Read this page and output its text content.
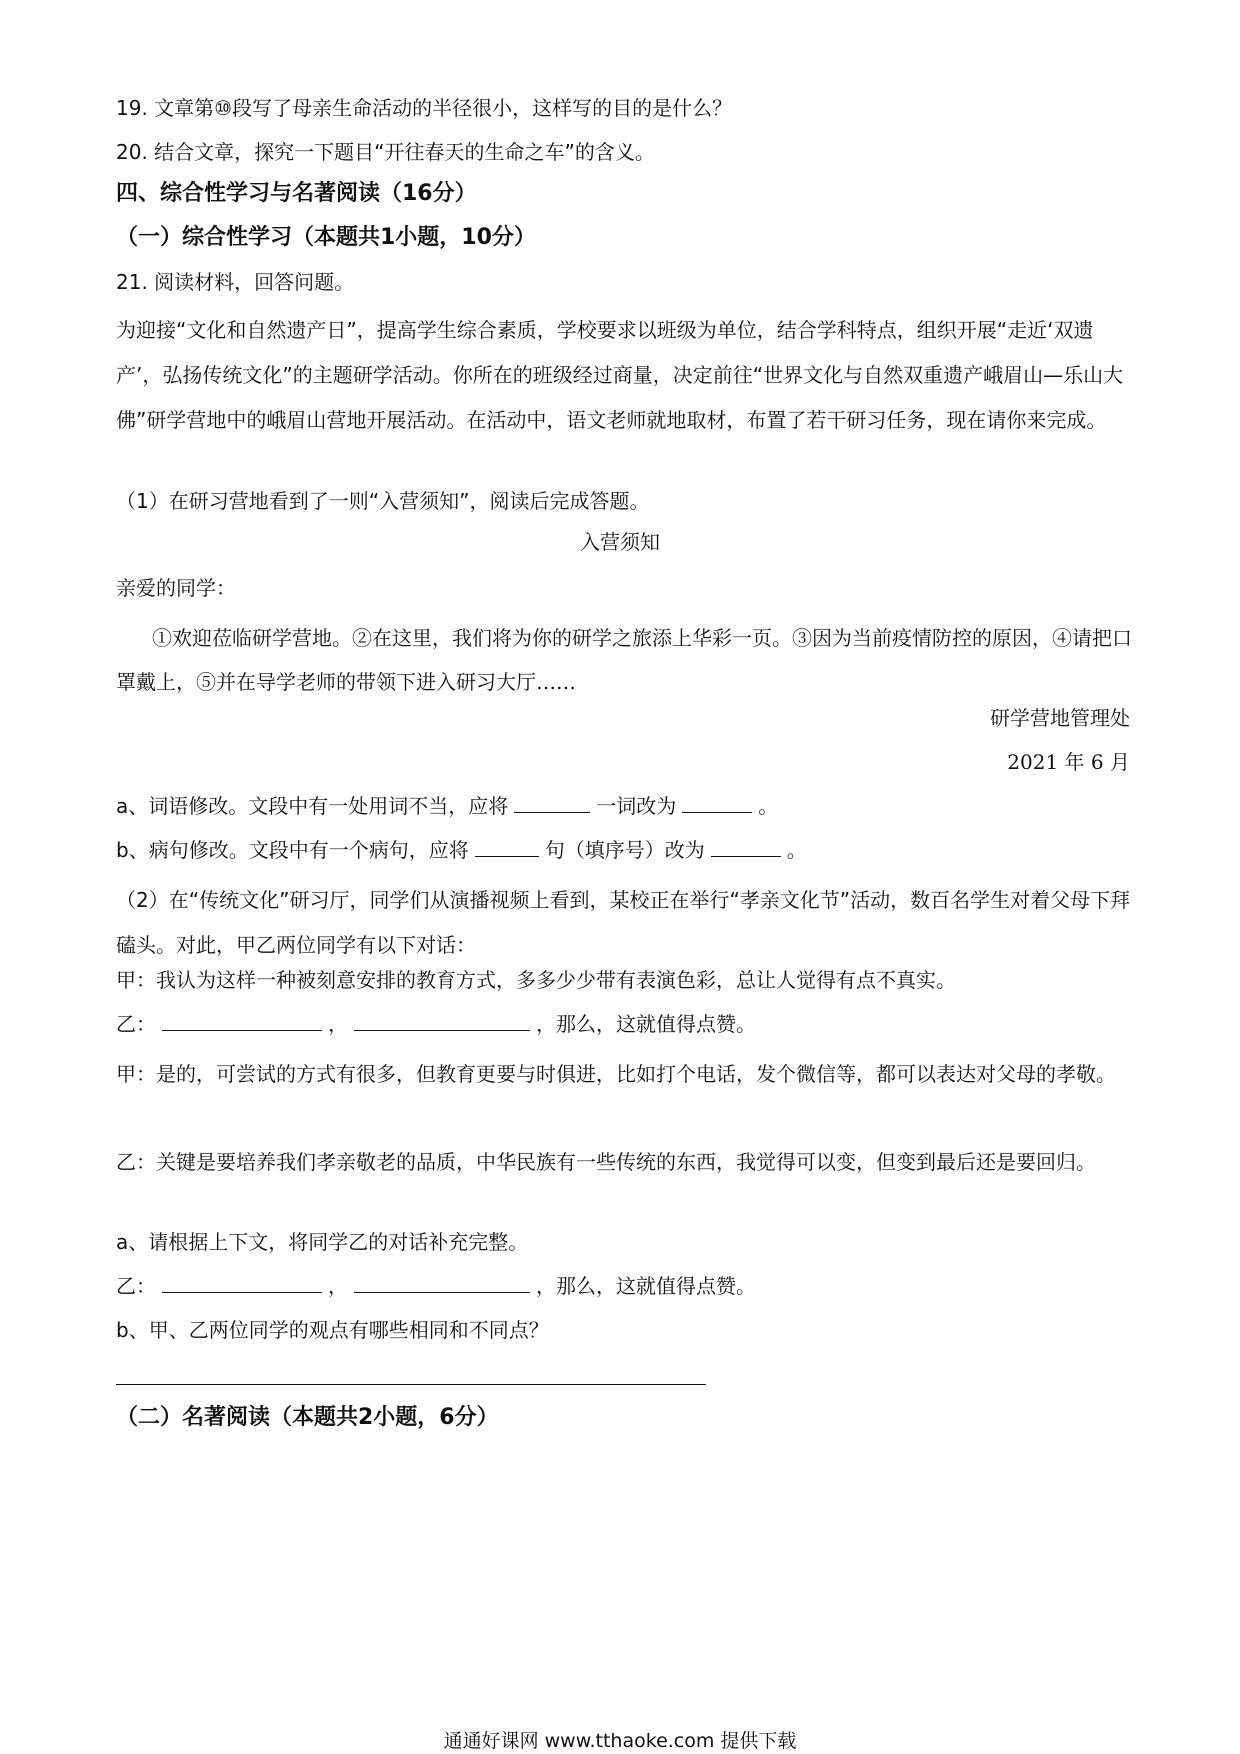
19. 文章第⑩段写了母亲生命活动的半径很小，这样写的目的是什么？
20. 结合文章，探究一下题目“开往春天的生命之车”的含义。
四、综合性学习与名著阅读（16分）
（一）综合性学习（本题共1小题，10分）
21. 阅读材料，回答问题。
为迎接“文化和自然遗产日”，提高学生综合素质，学校要求以班级为单位，结合学科特点，组织开展“走近‘双遗产’，弘扬传统文化”的主题研学活动。你所在的班级经过商量，决定前往“世界文化与自然双重遗产峨眉山—乐山大佛”研学营地中的峨眉山营地开展活动。在活动中，语文老师就地取材，布置了若干研习任务，现在请你来完成。
（1）在研习营地看到了一则“入营须知”，阅读后完成答题。
入营须知
亲爱的同学：
①欢迎莅临研学营地。②在这里，我们将为你的研学之旅添上华彩一页。③因为当前疫情防控的原因，④请把口罩戴上，⑤并在导学老师的带领下进入研习大厅……
研学营地管理处
2021 年 6 月
a、词语修改。文段中有一处用词不当，应将	一词改为	。
b、病句修改。文段中有一个病句，应将	句（填序号）改为	。
（2）在“传统文化”研习厅，同学们从演播视频上看到，某校正在举行“孝亲文化节”活动，数百名学生对着父母下拜磕头。对此，甲乙两位同学有以下对话：
甲：我认为这样一种被刻意安排的教育方式，多多少少带有表演色彩，总让人觉得有点不真实。
乙：	，	，那么，这就值得点赞。
甲：是的，可尝试的方式有很多，但教育更要与时俱进，比如打个电话，发个微信等，都可以表达对父母的孝敬。
乙：关键是要培养我们孝亲敬老的品质，中华民族有一些传统的东西，我觉得可以变，但变到最后还是要回归。
a、请根据上下文，将同学乙的对话补充完整。
乙：	，	，那么，这就值得点赞。
b、甲、乙两位同学的观点有哪些相同和不同点？
（二）名著阅读（本题共2小题，6分）
通通好课网 www.tthaoke.com 提供下载
